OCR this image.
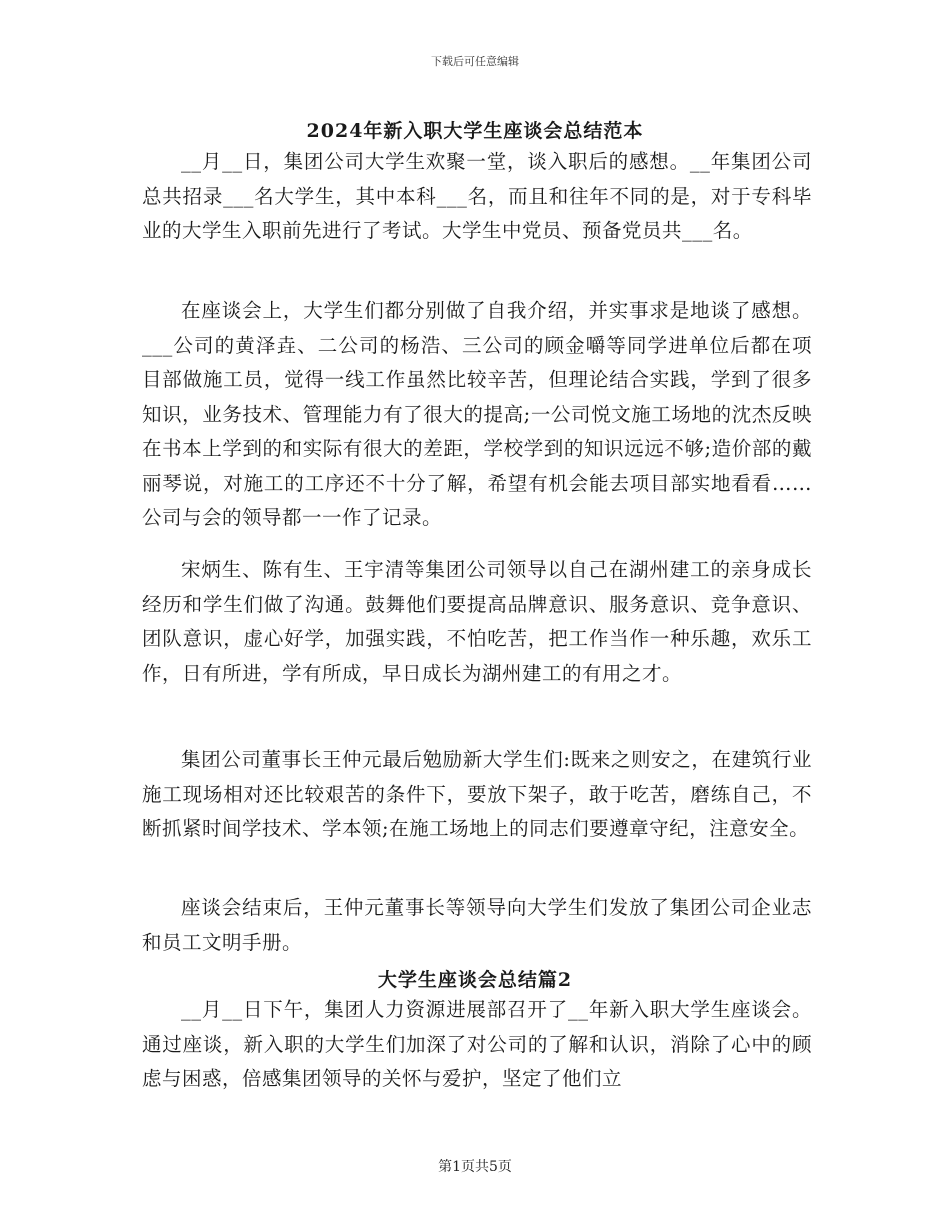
下载后可任意编辑
2024年新入职大学生座谈会总结范本

__月__日，集团公司大学生欢聚一堂，谈入职后的感想。__年集团公司总共招录___名大学生，其中本科___名，而且和往年不同的是，对于专科毕业的大学生入职前先进行了考试。大学生中党员、预备党员共___名。

在座谈会上，大学生们都分别做了自我介绍，并实事求是地谈了感想。___公司的黄泽垚、二公司的杨浩、三公司的顾金嚼等同学进单位后都在项目部做施工员，觉得一线工作虽然比较辛苦，但理论结合实践，学到了很多知识，业务技术、管理能力有了很大的提高;一公司悦文施工场地的沈杰反映在书本上学到的和实际有很大的差距，学校学到的知识远远不够;造价部的戴丽琴说，对施工的工序还不十分了解，希望有机会能去项目部实地看看……公司与会的领导都一一作了记录。

宋炳生、陈有生、王宇清等集团公司领导以自己在湖州建工的亲身成长经历和学生们做了沟通。鼓舞他们要提高品牌意识、服务意识、竞争意识、团队意识，虚心好学，加强实践，不怕吃苦，把工作当作一种乐趣，欢乐工作，日有所进，学有所成，早日成长为湖州建工的有用之才。

集团公司董事长王仲元最后勉励新大学生们:既来之则安之，在建筑行业施工现场相对还比较艰苦的条件下，要放下架子，敢于吃苦，磨练自己，不断抓紧时间学技术、学本领;在施工场地上的同志们要遵章守纪，注意安全。

座谈会结束后，王仲元董事长等领导向大学生们发放了集团公司企业志和员工文明手册。

大学生座谈会总结篇2

__月__日下午，集团人力资源进展部召开了__年新入职大学生座谈会。通过座谈，新入职的大学生们加深了对公司的了解和认识，消除了心中的顾虑与困惑，倍感集团领导的关怀与爱护，坚定了他们立

第1页共5页
